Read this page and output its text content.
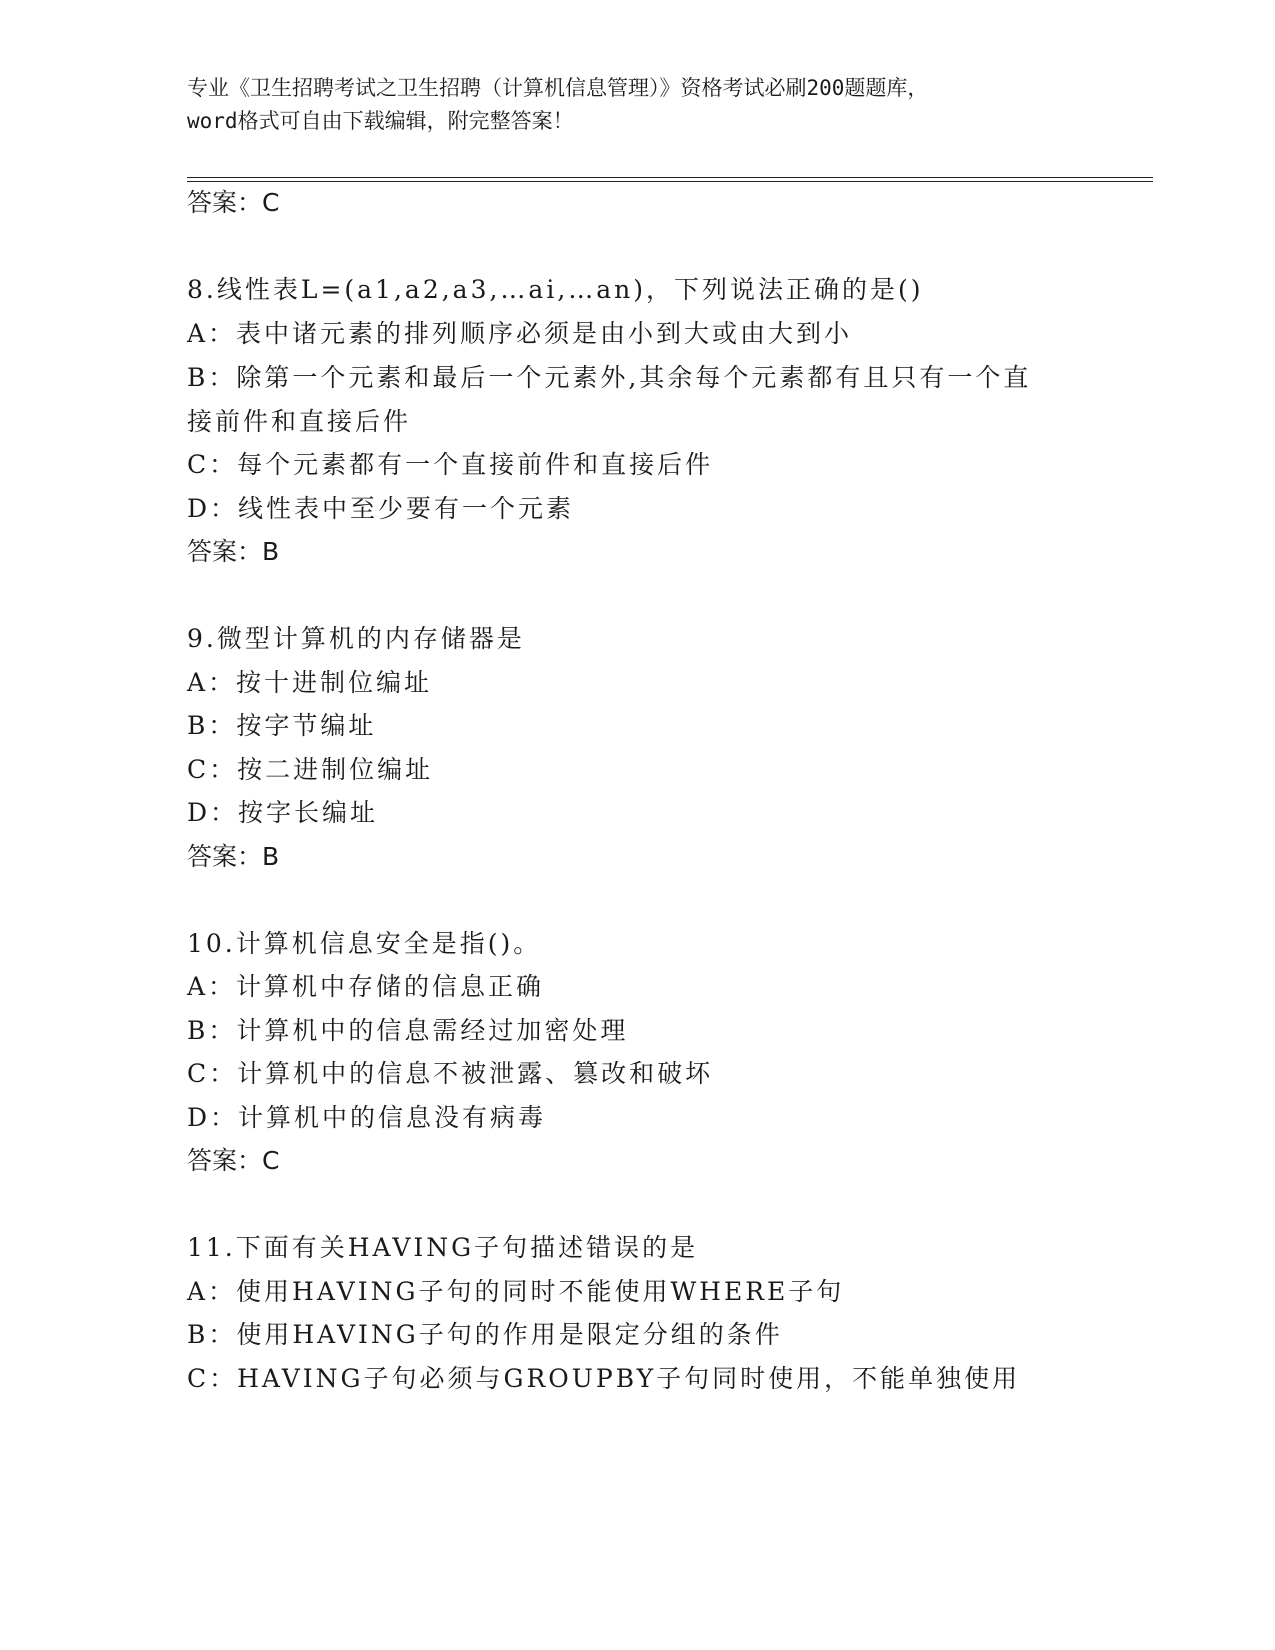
专业《卫生招聘考试之卫生招聘（计算机信息管理）》资格考试必刷200题题库，
word格式可自由下载编辑，附完整答案！
答案：C
8.线性表L=(a1,a2,a3,…ai,…an)，下列说法正确的是()
A：表中诸元素的排列顺序必须是由小到大或由大到小
B：除第一个元素和最后一个元素外,其余每个元素都有且只有一个直
接前件和直接后件
C：每个元素都有一个直接前件和直接后件
D：线性表中至少要有一个元素
答案：B
9.微型计算机的内存储器是
A：按十进制位编址
B：按字节编址
C：按二进制位编址
D：按字长编址
答案：B
10.计算机信息安全是指()。
A：计算机中存储的信息正确
B：计算机中的信息需经过加密处理
C：计算机中的信息不被泄露、篡改和破坏
D：计算机中的信息没有病毒
答案：C
11.下面有关HAVING子句描述错误的是
A：使用HAVING子句的同时不能使用WHERE子句
B：使用HAVING子句的作用是限定分组的条件
C：HAVING子句必须与GROUPBY子句同时使用，不能单独使用
